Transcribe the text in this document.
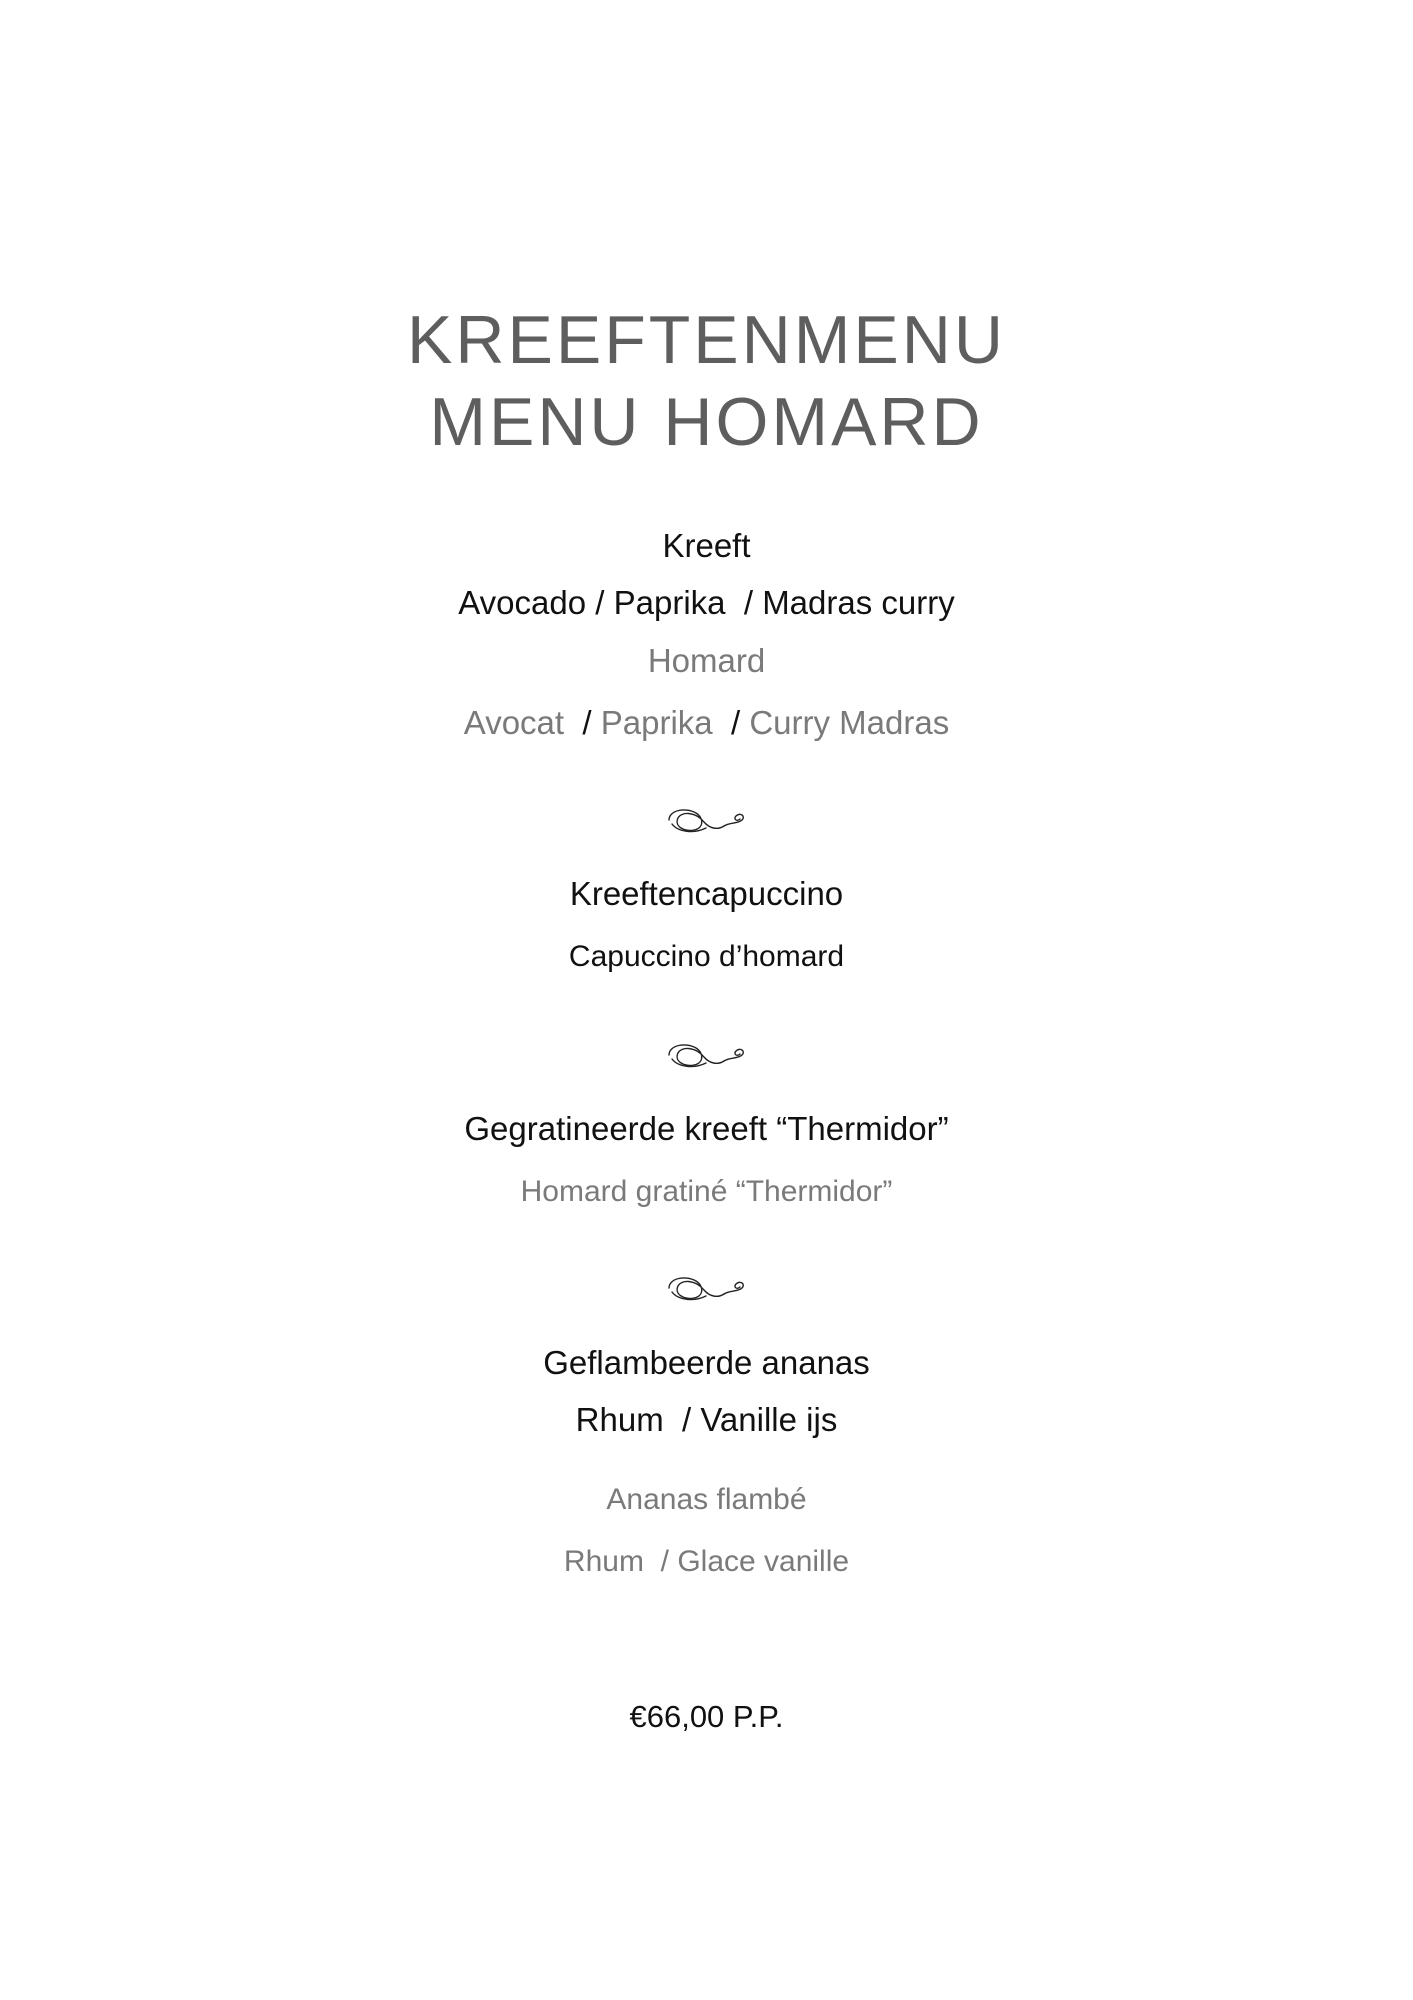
KREEFTENMENU
MENU HOMARD
Kreeft
Avocado / Paprika / Madras curry
Homard
Avocat / Paprika / Curry Madras
Kreeftencapuccino
Capuccino d’homard
Gegratineerde kreeft “Thermidor”
Homard gratiné “Thermidor”
Geflambeerde ananas
Rhum / Vanille ijs
Ananas flambé
Rhum / Glace vanille
€66,00 P.P.
